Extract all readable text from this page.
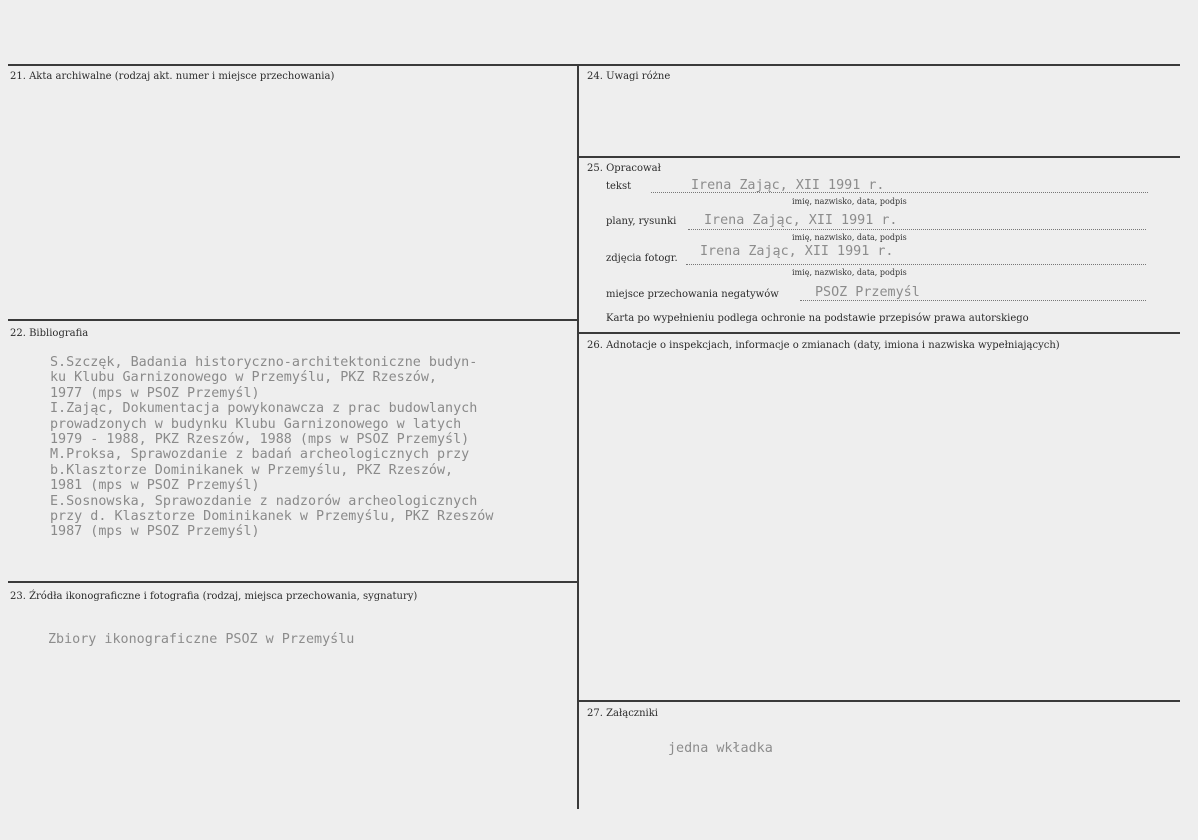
21. Akta archiwalne (rodzaj akt. numer i miejsce przechowania)
22. Bibliografia
S.Szczęk, Badania historyczno-architektoniczne budyn-
ku Klubu Garnizonowego w Przemyślu, PKZ Rzeszów,
1977 (mps w PSOZ Przemyśl)
I.Zając, Dokumentacja powykonawcza z prac budowlanych
prowadzonych w budynku Klubu Garnizonowego w latych
1979 - 1988, PKZ Rzeszów, 1988 (mps w PSOZ Przemyśl)
M.Proksa, Sprawozdanie z badań archeologicznych przy
b.Klasztorze Dominikanek w Przemyślu, PKZ Rzeszów,
1981 (mps w PSOZ Przemyśl)
E.Sosnowska, Sprawozdanie z nadzorów archeologicznych
przy d. Klasztorze Dominikanek w Przemyślu, PKZ Rzeszów
1987 (mps w PSOZ Przemyśl)
23. Źródła ikonograficzne i fotografia (rodzaj, miejsca przechowania, sygnatury)
Zbiory ikonograficzne PSOZ w Przemyślu
24. Uwagi różne
25. Opracował
tekst	Irena Zając, XII 1991 r.
imię, nazwisko, data, podpis
plany, rysunki Irena Zając, XII 1991 r.
imię, nazwisko, data, podpis
zdjęcia fotogr. Irena Zając, XII 1991 r.
imię, nazwisko, data, podpis
miejsce przechowania negatywów	PSOZ Przemyśl
Karta po wypełnieniu podlega ochronie na podstawie przepisów prawa autorskiego
26. Adnotacje o inspekcjach, informacje o zmianach (daty, imiona i nazwiska wypełniających)
27. Załączniki
jedna wkładka
